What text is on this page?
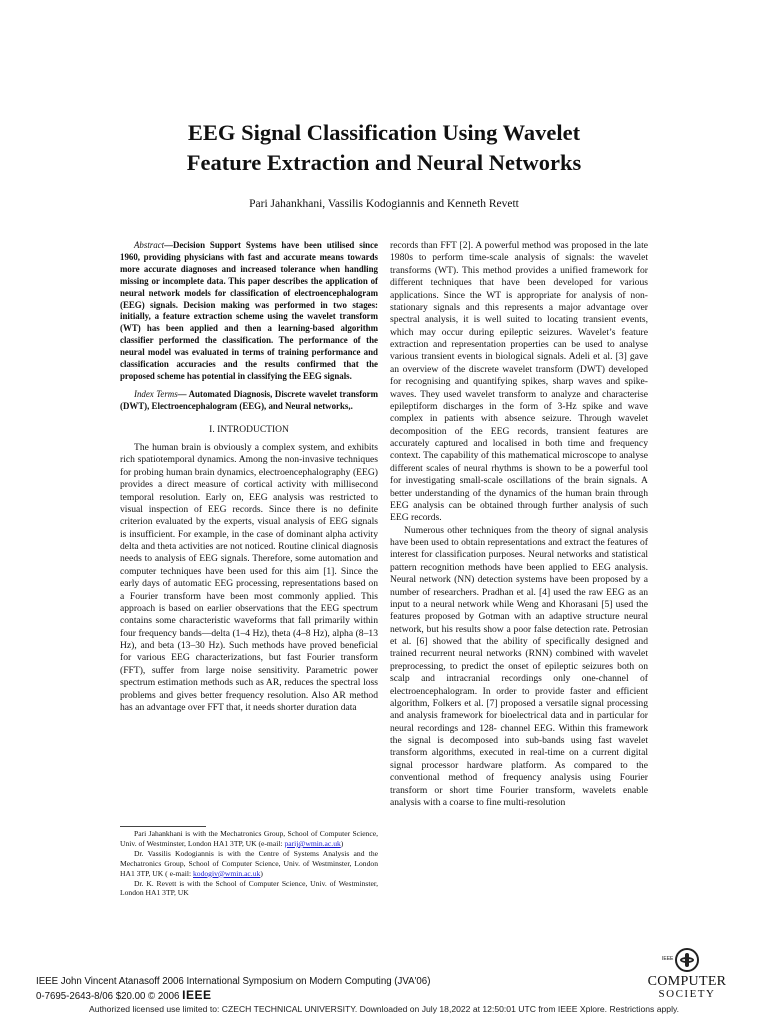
EEG Signal Classification Using Wavelet
Feature Extraction and Neural Networks
Pari Jahankhani, Vassilis Kodogiannis and Kenneth Revett

Abstract—Decision Support Systems have been utilised since 1960, providing physicians with fast and accurate means towards more accurate diagnoses and increased tolerance when handling missing or incomplete data. This paper describes the application of neural network models for classification of electroencephalogram (EEG) signals. Decision making was performed in two stages: initially, a feature extraction scheme using the wavelet transform (WT) has been applied and then a learning-based algorithm classifier performed the classification. The performance of the neural model was evaluated in terms of training performance and classification accuracies and the results confirmed that the proposed scheme has potential in classifying the EEG signals.

Index Terms— Automated Diagnosis, Discrete wavelet transform (DWT), Electroencephalogram (EEG), and Neural networks,.

I. INTRODUCTION

The human brain is obviously a complex system, and exhibits rich spatiotemporal dynamics. Among the non-invasive techniques for probing human brain dynamics, electroencephalography (EEG) provides a direct measure of cortical activity with millisecond temporal resolution. Early on, EEG analysis was restricted to visual inspection of EEG records. Since there is no definite criterion evaluated by the experts, visual analysis of EEG signals is insufficient. For example, in the case of dominant alpha activity delta and theta activities are not noticed. Routine clinical diagnosis needs to analysis of EEG signals. Therefore, some automation and computer techniques have been used for this aim [1]. Since the early days of automatic EEG processing, representations based on a Fourier transform have been most commonly applied. This approach is based on earlier observations that the EEG spectrum contains some characteristic waveforms that fall primarily within four frequency bands—delta (1–4 Hz), theta (4–8 Hz), alpha (8–13 Hz), and beta (13–30 Hz). Such methods have proved beneficial for various EEG characterizations, but fast Fourier transform (FFT), suffer from large noise sensitivity. Parametric power spectrum estimation methods such as AR, reduces the spectral loss problems and gives better frequency resolution. Also AR method has an advantage over FFT that, it needs shorter duration data

Pari Jahankhani is with the Mechatronics Group, School of Computer Science, Univ. of Westminster, London HA1 3TP, UK (e-mail: parij@wmin.ac.uk)

Dr. Vassilis Kodogiannis is with the Centre of Systems Analysis and the Mechatronics Group, School of Computer Science, Univ. of Westminster, London HA1 3TP, UK ( e-mail: kodogiv@wmin.ac.uk)

Dr. K. Revett is with the School of Computer Science, Univ. of Westminster, London HA1 3TP, UK

records than FFT [2]. A powerful method was proposed in the late 1980s to perform time-scale analysis of signals: the wavelet transforms (WT). This method provides a unified framework for different techniques that have been developed for various applications. Since the WT is appropriate for analysis of non-stationary signals and this represents a major advantage over spectral analysis, it is well suited to locating transient events, which may occur during epileptic seizures. Wavelet’s feature extraction and representation properties can be used to analyse various transient events in biological signals. Adeli et al. [3] gave an overview of the discrete wavelet transform (DWT) developed for recognising and quantifying spikes, sharp waves and spike-waves. They used wavelet transform to analyze and characterise epileptiform discharges in the form of 3-Hz spike and wave complex in patients with absence seizure. Through wavelet decomposition of the EEG records, transient features are accurately captured and localised in both time and frequency context. The capability of this mathematical microscope to analyse different scales of neural rhythms is shown to be a powerful tool for investigating small-scale oscillations of the brain signals. A better understanding of the dynamics of the human brain through EEG analysis can be obtained through further analysis of such EEG records.

Numerous other techniques from the theory of signal analysis have been used to obtain representations and extract the features of interest for classification purposes. Neural networks and statistical pattern recognition methods have been applied to EEG analysis. Neural network (NN) detection systems have been proposed by a number of researchers. Pradhan et al. [4] used the raw EEG as an input to a neural network while Weng and Khorasani [5] used the features proposed by Gotman with an adaptive structure neural network, but his results show a poor false detection rate. Petrosian et al. [6] showed that the ability of specifically designed and trained recurrent neural networks (RNN) combined with wavelet preprocessing, to predict the onset of epileptic seizures both on scalp and intracranial recordings only one-channel of electroencephalogram. In order to provide faster and efficient algorithm, Folkers et al. [7] proposed a versatile signal processing and analysis framework for bioelectrical data and in particular for neural recordings and 128- channel EEG. Within this framework the signal is decomposed into sub-bands using fast wavelet transform algorithms, executed in real-time on a current digital signal processor hardware platform. As compared to the conventional method of frequency analysis using Fourier transform or short time Fourier transform, wavelets enable analysis with a coarse to fine multi-resolution

IEEE John Vincent Atanasoff 2006 International Symposium on Modern Computing (JVA'06)
0-7695-2643-8/06 $20.00 © 2006 IEEE
IEEE
COMPUTER
SOCIETY
Authorized licensed use limited to: CZECH TECHNICAL UNIVERSITY. Downloaded on July 18,2022 at 12:50:01 UTC from IEEE Xplore. Restrictions apply.
